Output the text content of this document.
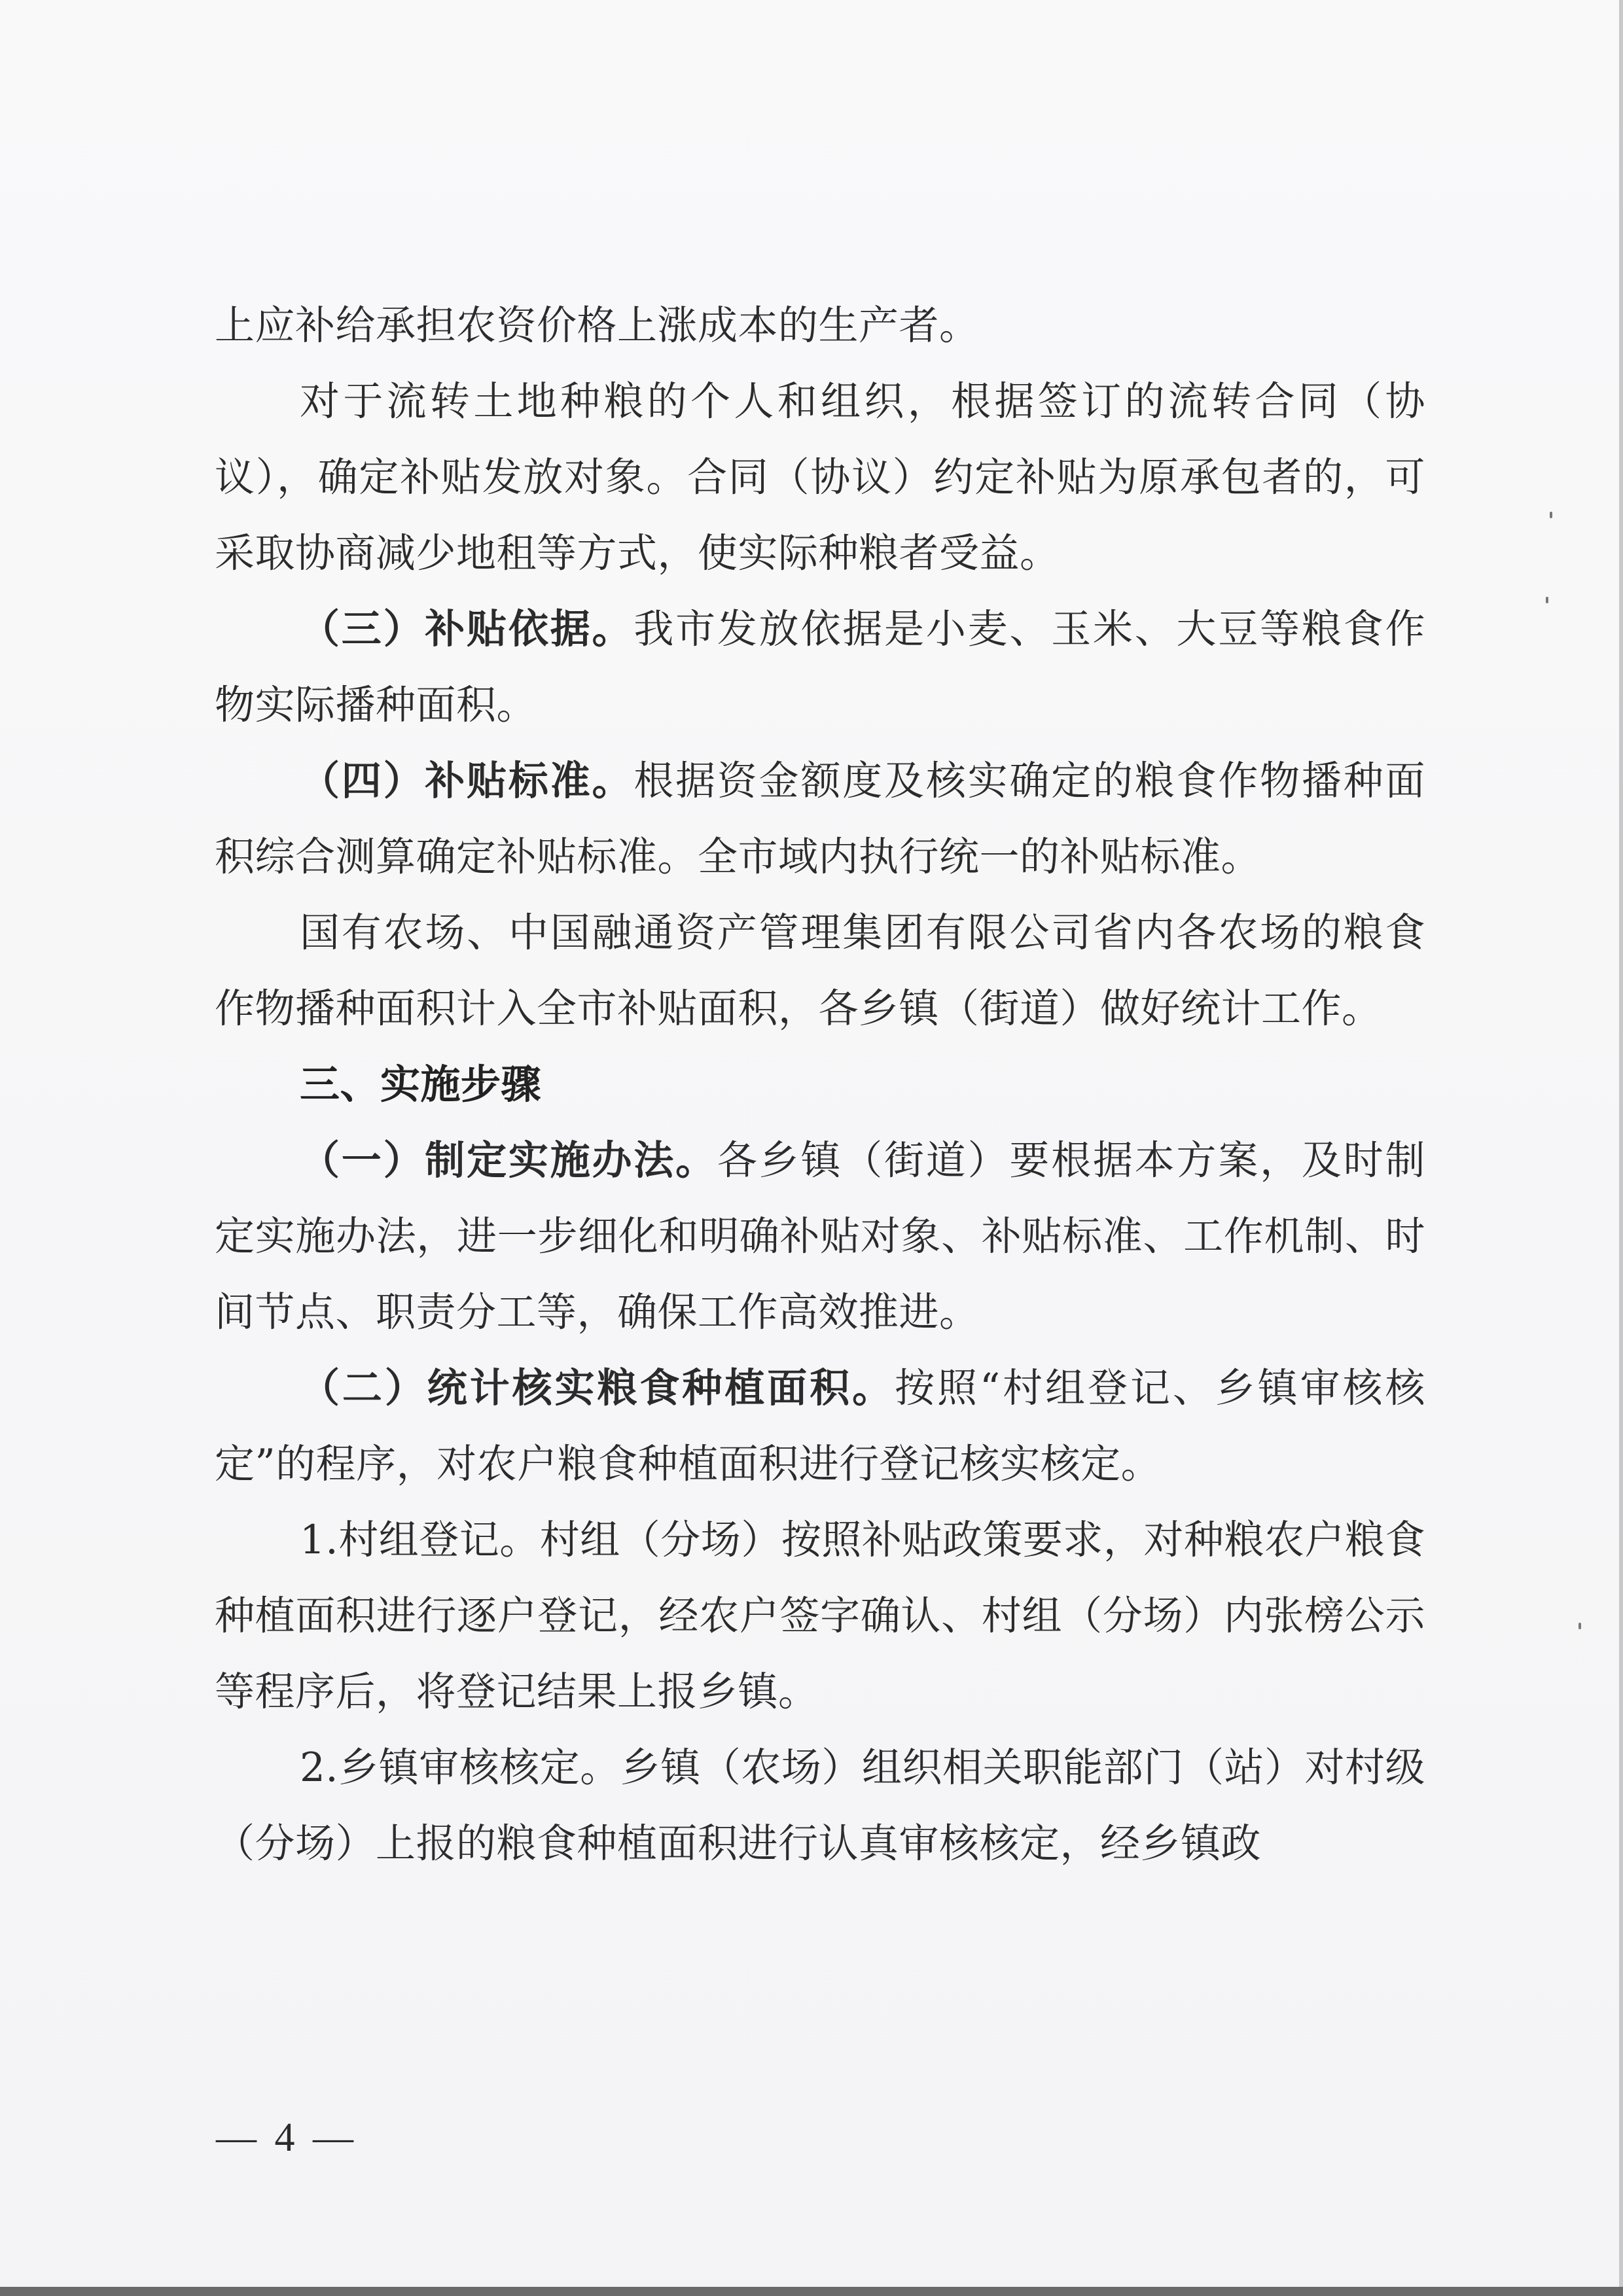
上应补给承担农资价格上涨成本的生产者。

对于流转土地种粮的个人和组织，根据签订的流转合同（协议），确定补贴发放对象。合同（协议）约定补贴为原承包者的，可采取协商减少地租等方式，使实际种粮者受益。

（三）补贴依据。我市发放依据是小麦、玉米、大豆等粮食作物实际播种面积。

（四）补贴标准。根据资金额度及核实确定的粮食作物播种面积综合测算确定补贴标准。全市域内执行统一的补贴标准。

国有农场、中国融通资产管理集团有限公司省内各农场的粮食作物播种面积计入全市补贴面积，各乡镇（街道）做好统计工作。

三、实施步骤

（一）制定实施办法。各乡镇（街道）要根据本方案，及时制定实施办法，进一步细化和明确补贴对象、补贴标准、工作机制、时间节点、职责分工等，确保工作高效推进。

（二）统计核实粮食种植面积。按照“村组登记、乡镇审核核定”的程序，对农户粮食种植面积进行登记核实核定。

1.村组登记。村组（分场）按照补贴政策要求，对种粮农户粮食种植面积进行逐户登记，经农户签字确认、村组（分场）内张榜公示等程序后，将登记结果上报乡镇。

2.乡镇审核核定。乡镇（农场）组织相关职能部门（站）对村级（分场）上报的粮食种植面积进行认真审核核定，经乡镇政

— 4 —
